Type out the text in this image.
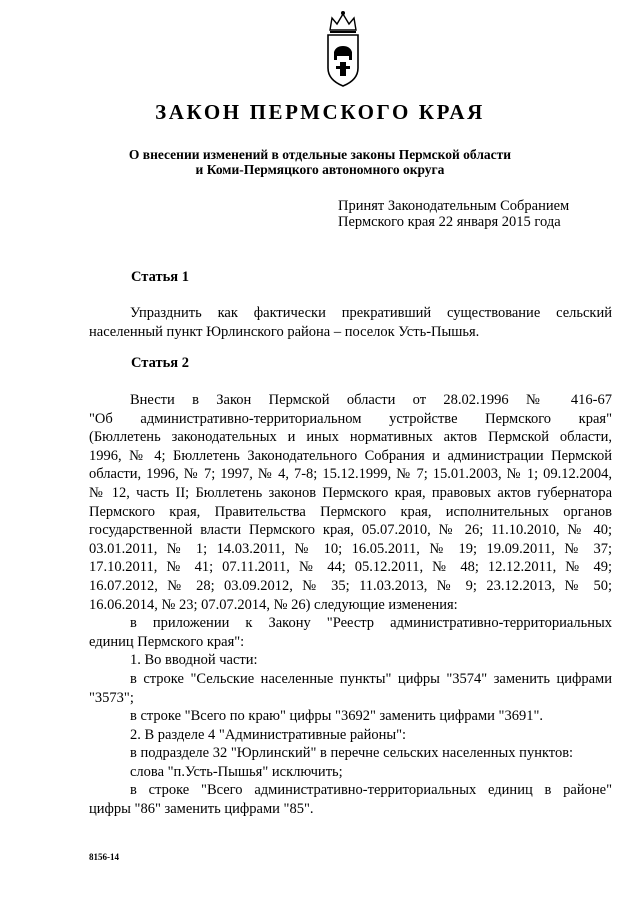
ЗАКОН ПЕРМСКОГО КРАЯ
О внесении изменений в отдельные законы Пермской области
и Коми-Пермяцкого автономного округа
Принят Законодательным Собранием
Пермского края 22 января 2015 года
Статья 1
Упразднить как фактически прекративший существование сельский
населенный пункт Юрлинского района – поселок Усть-Пышья.
Статья 2
Внести в Закон Пермской области от 28.02.1996 № 416-67
"Об административно-территориальном устройстве Пермского края"
(Бюллетень законодательных и иных нормативных актов Пермской области,
1996, № 4; Бюллетень Законодательного Собрания и администрации Пермской
области, 1996, № 7; 1997, № 4, 7-8; 15.12.1999, № 7; 15.01.2003, № 1; 09.12.2004,
№ 12, часть II; Бюллетень законов Пермского края, правовых актов губернатора
Пермского края, Правительства Пермского края, исполнительных органов
государственной власти Пермского края, 05.07.2010, № 26; 11.10.2010, № 40;
03.01.2011, № 1; 14.03.2011, № 10; 16.05.2011, № 19; 19.09.2011, № 37;
17.10.2011, № 41; 07.11.2011, № 44; 05.12.2011, № 48; 12.12.2011, № 49;
16.07.2012, № 28; 03.09.2012, № 35; 11.03.2013, № 9; 23.12.2013, № 50;
16.06.2014, № 23; 07.07.2014, № 26) следующие изменения:
в приложении к Закону "Реестр административно-территориальных
единиц Пермского края":
1. Во вводной части:
в строке "Сельские населенные пункты" цифры "3574" заменить цифрами
"3573";
в строке "Всего по краю" цифры "3692" заменить цифрами "3691".
2. В разделе 4 "Административные районы":
в подразделе 32 "Юрлинский" в перечне сельских населенных пунктов:
слова "п.Усть-Пышья" исключить;
в строке "Всего административно-территориальных единиц в районе"
цифры "86" заменить цифрами "85".
8156-14
